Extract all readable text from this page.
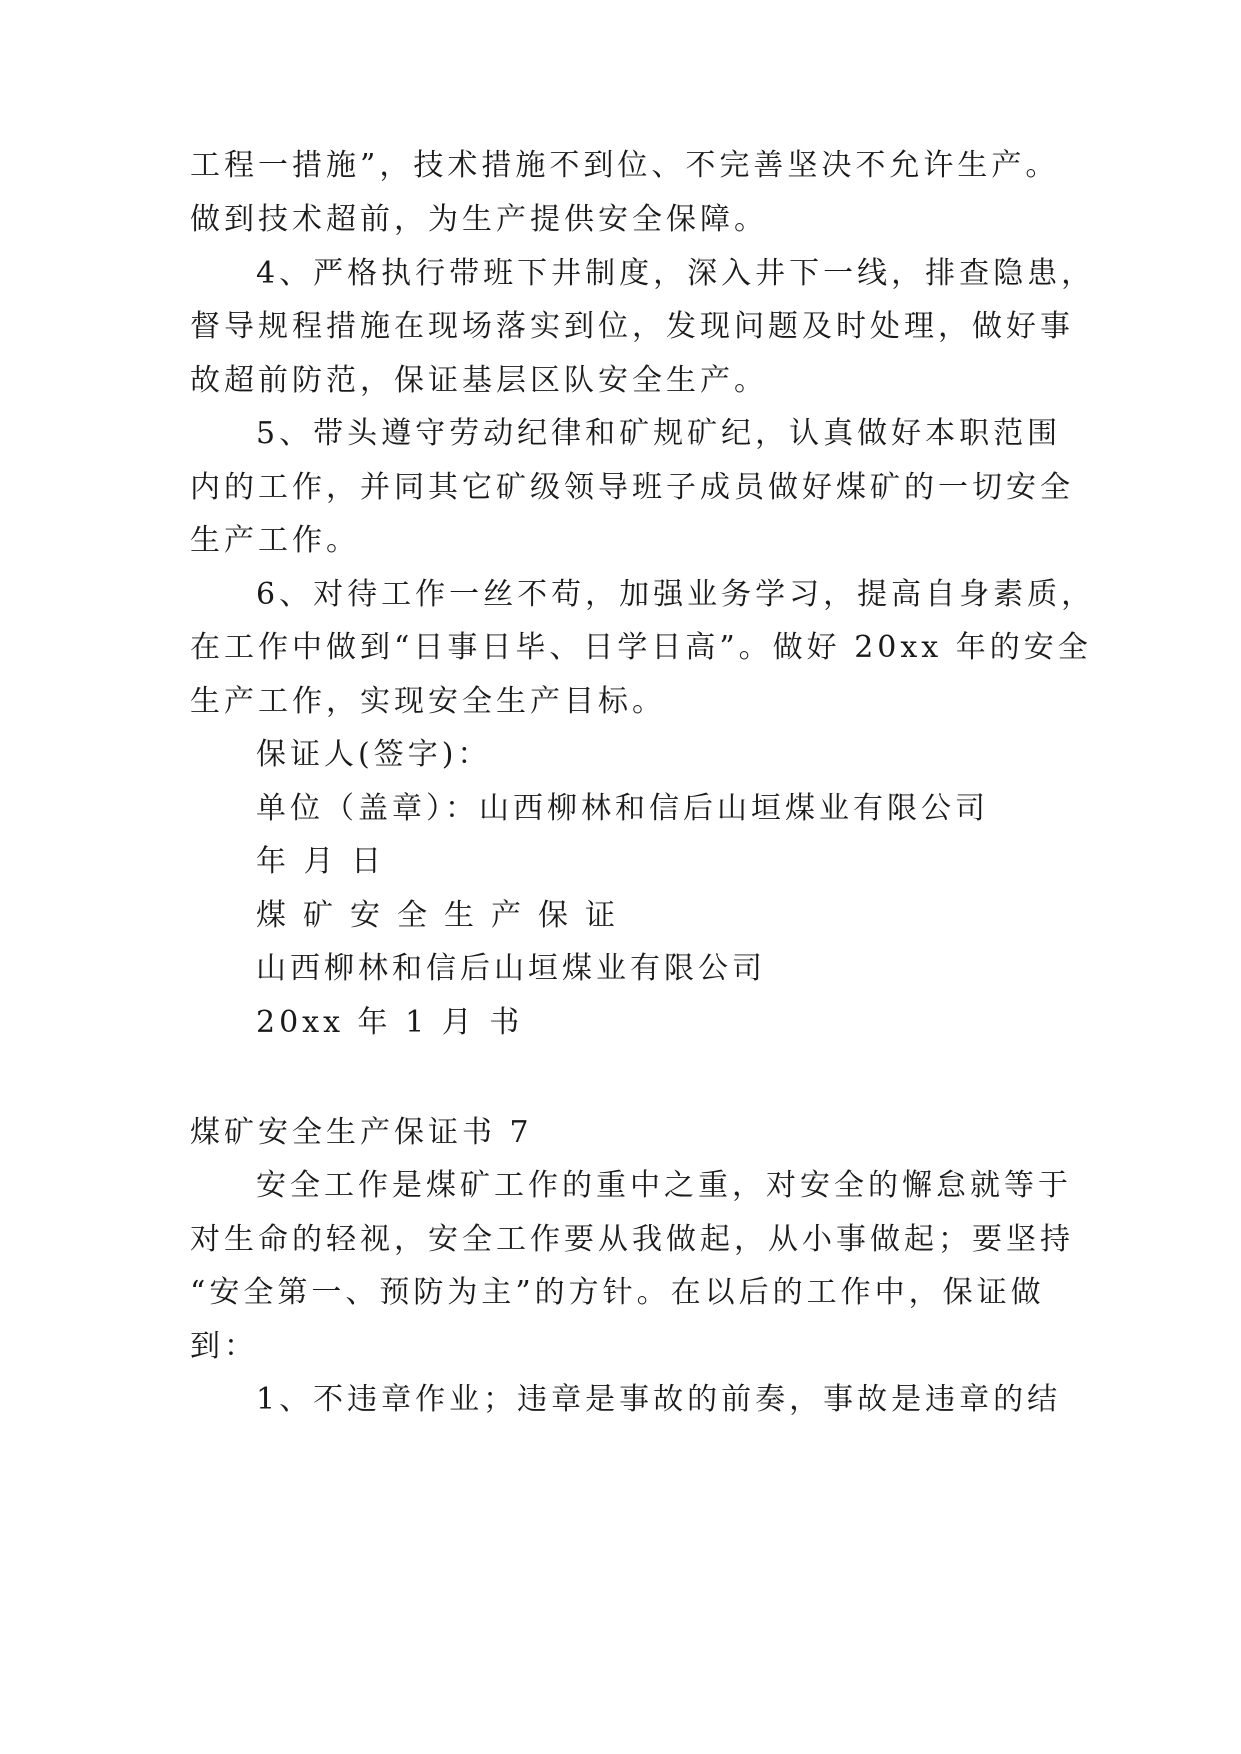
工程一措施”，技术措施不到位、不完善坚决不允许生产。
做到技术超前，为生产提供安全保障。
4、严格执行带班下井制度，深入井下一线，排查隐患，
督导规程措施在现场落实到位，发现问题及时处理，做好事
故超前防范，保证基层区队安全生产。
5、带头遵守劳动纪律和矿规矿纪，认真做好本职范围
内的工作，并同其它矿级领导班子成员做好煤矿的一切安全
生产工作。
6、对待工作一丝不苟，加强业务学习，提高自身素质，
在工作中做到“日事日毕、日学日高”。做好 20xx 年的安全
生产工作，实现安全生产目标。
保证人(签字)：
单位（盖章）：山西柳林和信后山垣煤业有限公司
年 月 日
煤矿安全生产保证
山西柳林和信后山垣煤业有限公司
20xx 年 1 月 书
煤矿安全生产保证书 7
安全工作是煤矿工作的重中之重，对安全的懈怠就等于
对生命的轻视，安全工作要从我做起，从小事做起；要坚持
“安全第一、预防为主”的方针。在以后的工作中，保证做
到：
1、不违章作业；违章是事故的前奏，事故是违章的结
